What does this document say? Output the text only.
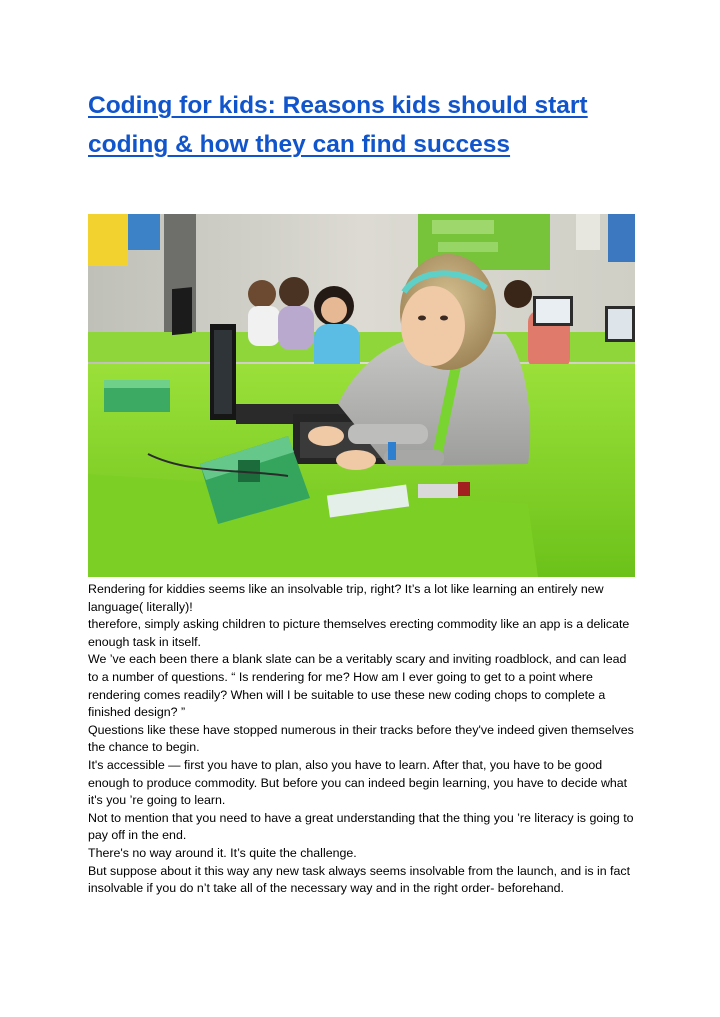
Coding for kids: Reasons kids should start coding & how they can find success

Rendering for kiddies seems like an insolvable trip, right? It’s a lot like learning an entirely new language( literally)!

therefore, simply asking children to picture themselves erecting commodity like an app is a delicate enough task in itself.

We ’ve each been there a blank slate can be a veritably scary and inviting roadblock, and can lead to a number of questions. “ Is rendering for me? How am I ever going to get to a point where rendering comes readily? When will I be suitable to use these new coding chops to complete a finished design? ”

Questions like these have stopped numerous in their tracks before they've indeed given themselves the chance to begin.

It's accessible — first you have to plan, also you have to learn. After that, you have to be good enough to produce commodity. But before you can indeed begin learning, you have to decide what it's you ’re going to learn.

Not to mention that you need to have a great understanding that the thing you ’re literacy is going to pay off in the end.

There's no way around it. It’s quite the challenge.

But suppose about it this way any new task always seems insolvable from the launch, and is in fact insolvable if you do n’t take all of the necessary way and in the right order- beforehand.
